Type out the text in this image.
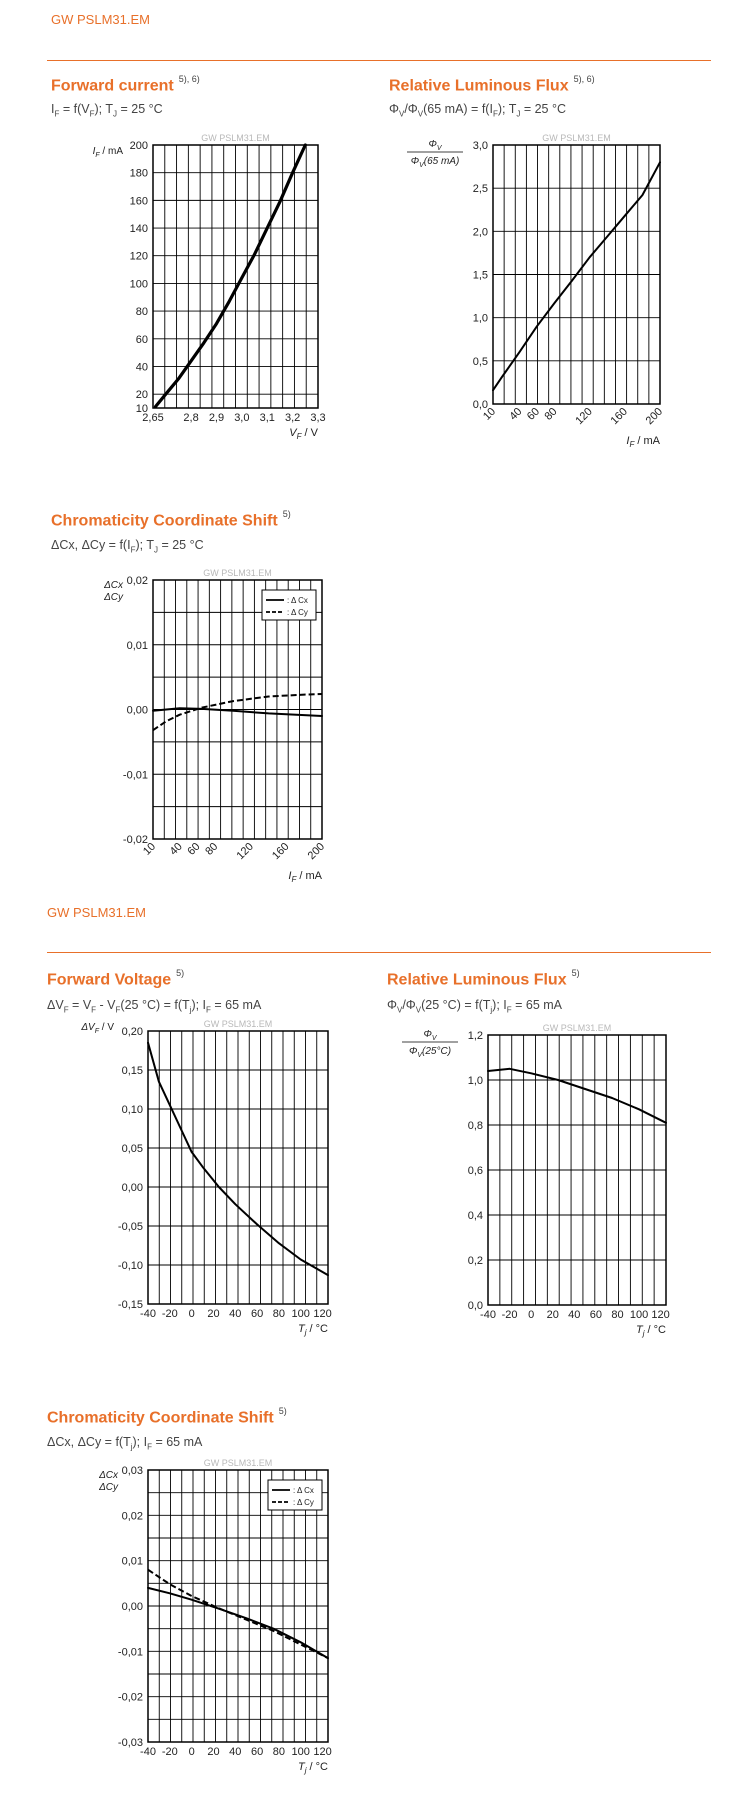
GW PSLM31.EM
GW PSLM31.EM
Forward current $^{5), 6)}$
$I_F = f(V_F)$; $T_J = 25$ °C
GW PSLM31.EM
10
20
40
60
80
100
120
140
160
180
200
2,65 2,8 2,9 3,0 3,1 3,2 3,3
$V_F$ / V
$I_F$ / mA
Relative Luminous Flux $^{5), 6)}$
$\Phi_V/\Phi_V(65$ $mA) = f(I_F)$; $T_J = 25$ °C
GW PSLM31.EM
0,0
0,5
1,0
1,5
2,0
2,5
3,0
10 40 60 80 120 160 200
$I_F$ / mA
$\Phi_V$
$\Phi_V(65$ mA)
Chromaticity Coordinate Shift $^{5)}$
ΔCx, $\Delta Cy = f(I_F)$; $T_J = 25$ °C
GW PSLM31.EM
-0,02
-0,01
0,00
0,01
0,02
10 40 60 80 120 160 200
$I_F$ / mA
ΔCx
ΔCy	: Δ Cx
: Δ Cy
Forward Voltage $^{5)}$
$\Delta V_F = V_F - V_F(25$ $^\circ C) = f(T_j)$; $I_F = 65$ mA
GW PSLM31.EM
-0,15
-0,10
-0,05
0,00
0,05
0,10
0,15
0,20
-40 -20 0 20 40 60 80 100 120
$T_j / ^\circ C$
$\Delta V_F$ / V
Relative Luminous Flux $^{5)}$
$\Phi_V/\Phi_V(25$ $^\circ C) = f(T_j)$; $I_F = 65$ mA
GW PSLM31.EM
0,0
0,2
0,4
0,6
0,8
1,0
1,2
-40 -20 0 20 40 60 80 100 120
$T_j / ^\circ C$
$\Phi_V$
$\Phi_V(25^\circ C)$
Chromaticity Coordinate Shift $^{5)}$
ΔCx, $\Delta Cy = f(T_j)$; $I_F = 65$ mA
GW PSLM31.EM
-0,03
-0,02
-0,01
0,00
0,01
0,02
0,03
-40 -20 0 20 40 60 80 100 120
$T_j / ^\circ C$
ΔCx
ΔCy	: Δ Cx
: Δ Cy
